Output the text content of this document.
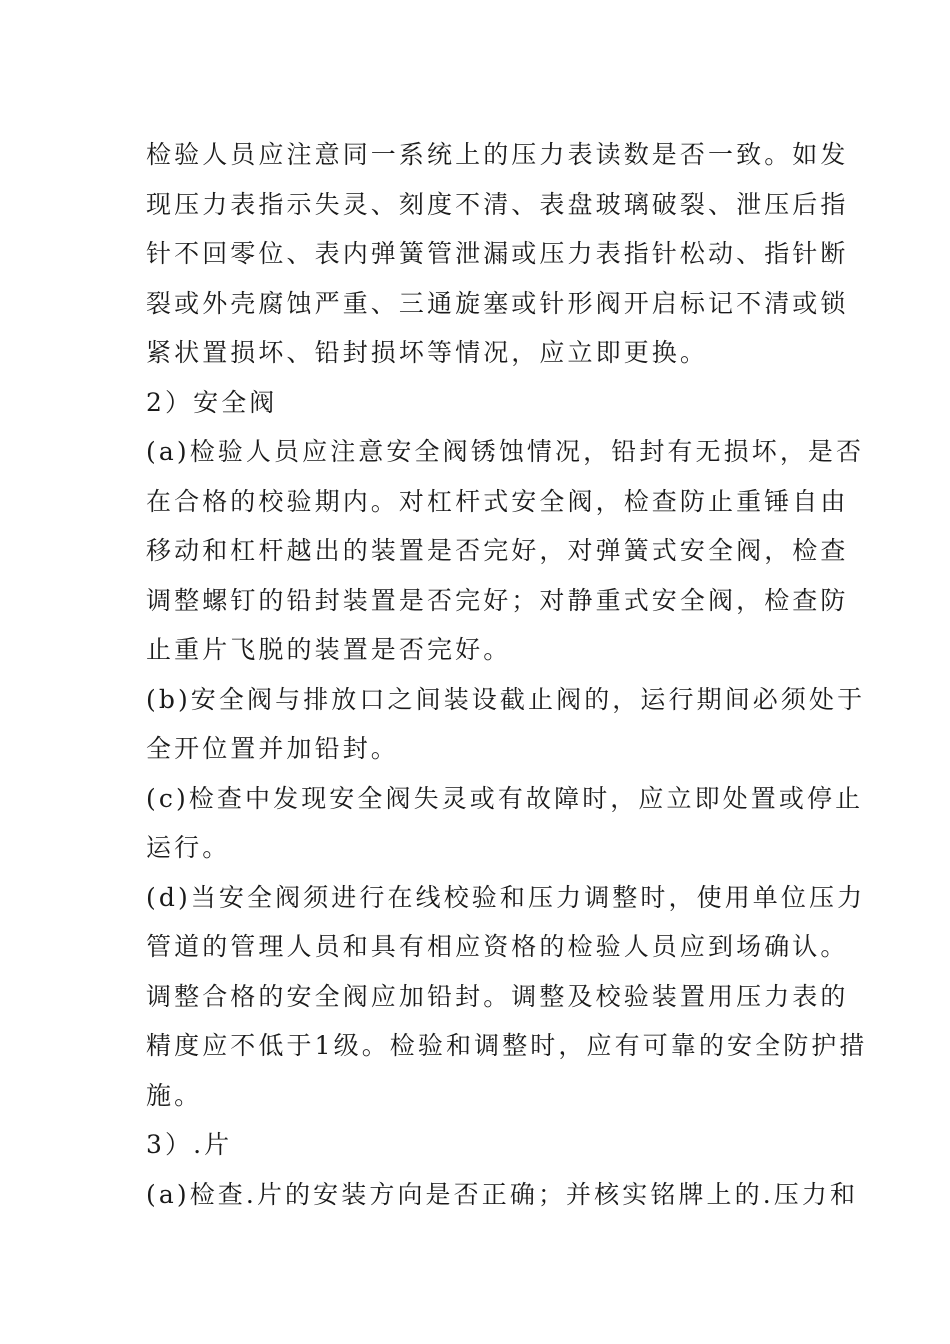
检验人员应注意同一系统上的压力表读数是否一致。如发
现压力表指示失灵、刻度不清、表盘玻璃破裂、泄压后指
针不回零位、表内弹簧管泄漏或压力表指针松动、指针断
裂或外壳腐蚀严重、三通旋塞或针形阀开启标记不清或锁
紧状置损坏、铅封损坏等情况，应立即更换。
2）安全阀
(a)检验人员应注意安全阀锈蚀情况，铅封有无损坏，是否
在合格的校验期内。对杠杆式安全阀，检查防止重锤自由
移动和杠杆越出的装置是否完好，对弹簧式安全阀，检查
调整螺钉的铅封装置是否完好；对静重式安全阀，检查防
止重片飞脱的装置是否完好。
(b)安全阀与排放口之间装设截止阀的，运行期间必须处于
全开位置并加铅封。
(c)检查中发现安全阀失灵或有故障时，应立即处置或停止
运行。
(d)当安全阀须进行在线校验和压力调整时，使用单位压力
管道的管理人员和具有相应资格的检验人员应到场确认。
调整合格的安全阀应加铅封。调整及校验装置用压力表的
精度应不低于1级。检验和调整时，应有可靠的安全防护措
施。
3）.片
(a)检查.片的安装方向是否正确；并核实铭牌上的.压力和
